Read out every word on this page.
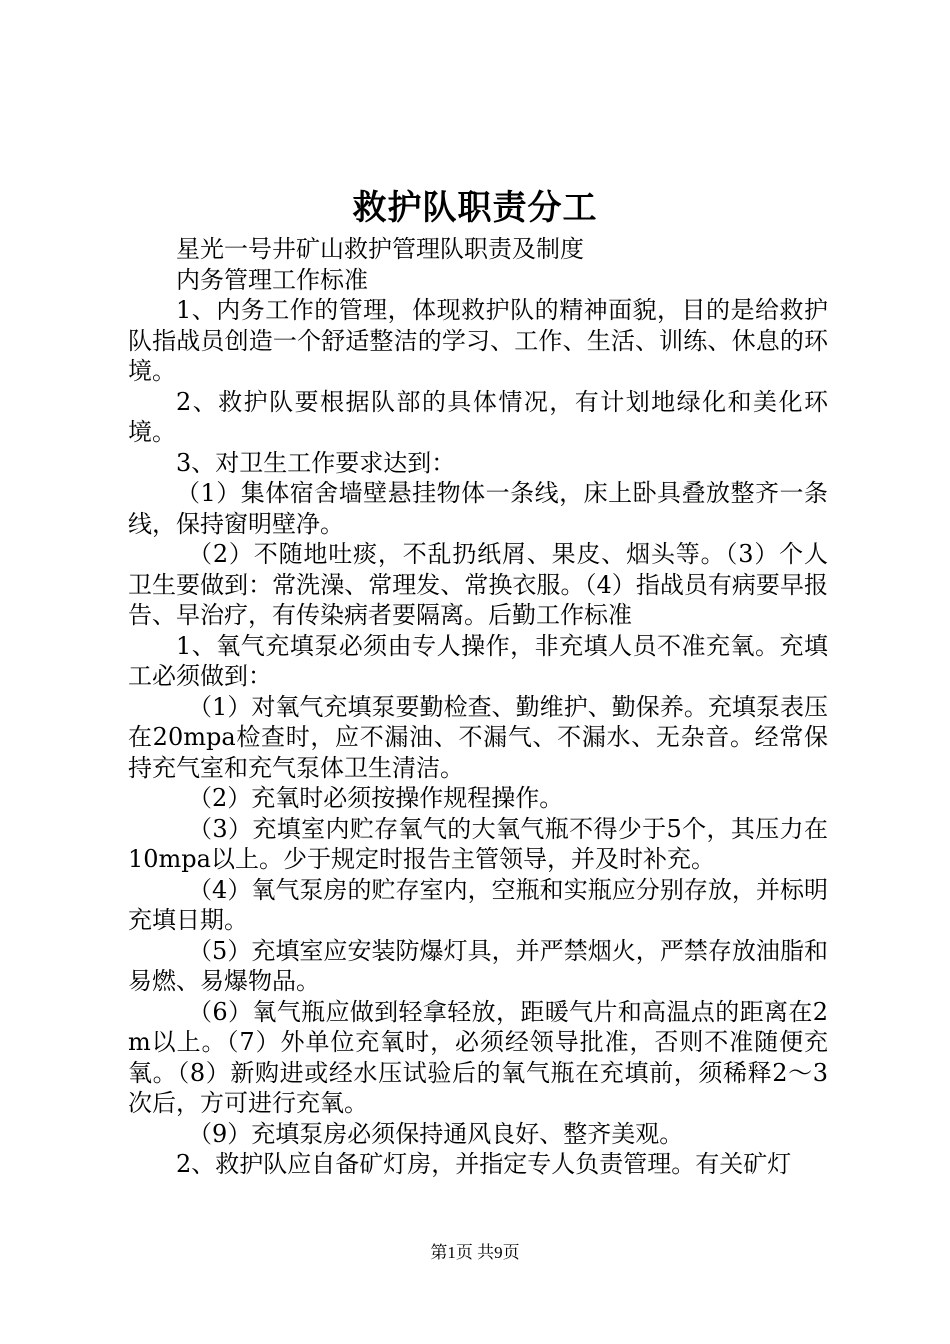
救护队职责分工

星光一号井矿山救护管理队职责及制度

内务管理工作标准

1、内务工作的管理，体现救护队的精神面貌，目的是给救护队指战员创造一个舒适整洁的学习、工作、生活、训练、休息的环境。

2、救护队要根据队部的具体情况，有计划地绿化和美化环境。

3、对卫生工作要求达到：

（1）集体宿舍墙壁悬挂物体一条线，床上卧具叠放整齐一条线，保持窗明壁净。

（2）不随地吐痰，不乱扔纸屑、果皮、烟头等。（3）个人卫生要做到：常洗澡、常理发、常换衣服。（4）指战员有病要早报告、早治疗，有传染病者要隔离。后勤工作标准

1、氧气充填泵必须由专人操作，非充填人员不准充氧。充填工必须做到：

（1）对氧气充填泵要勤检查、勤维护、勤保养。充填泵表压在20mpa检查时，应不漏油、不漏气、不漏水、无杂音。经常保持充气室和充气泵体卫生清洁。

（2）充氧时必须按操作规程操作。

（3）充填室内贮存氧气的大氧气瓶不得少于5个，其压力在10mpa以上。少于规定时报告主管领导，并及时补充。

（4）氧气泵房的贮存室内，空瓶和实瓶应分别存放，并标明充填日期。

（5）充填室应安装防爆灯具，并严禁烟火，严禁存放油脂和易燃、易爆物品。

（6）氧气瓶应做到轻拿轻放，距暖气片和高温点的距离在2m以上。（7）外单位充氧时，必须经领导批准，否则不准随便充氧。（8）新购进或经水压试验后的氧气瓶在充填前，须稀释2～3次后，方可进行充氧。

（9）充填泵房必须保持通风良好、整齐美观。

2、救护队应自备矿灯房，并指定专人负责管理。有关矿灯

第1页 共9页
